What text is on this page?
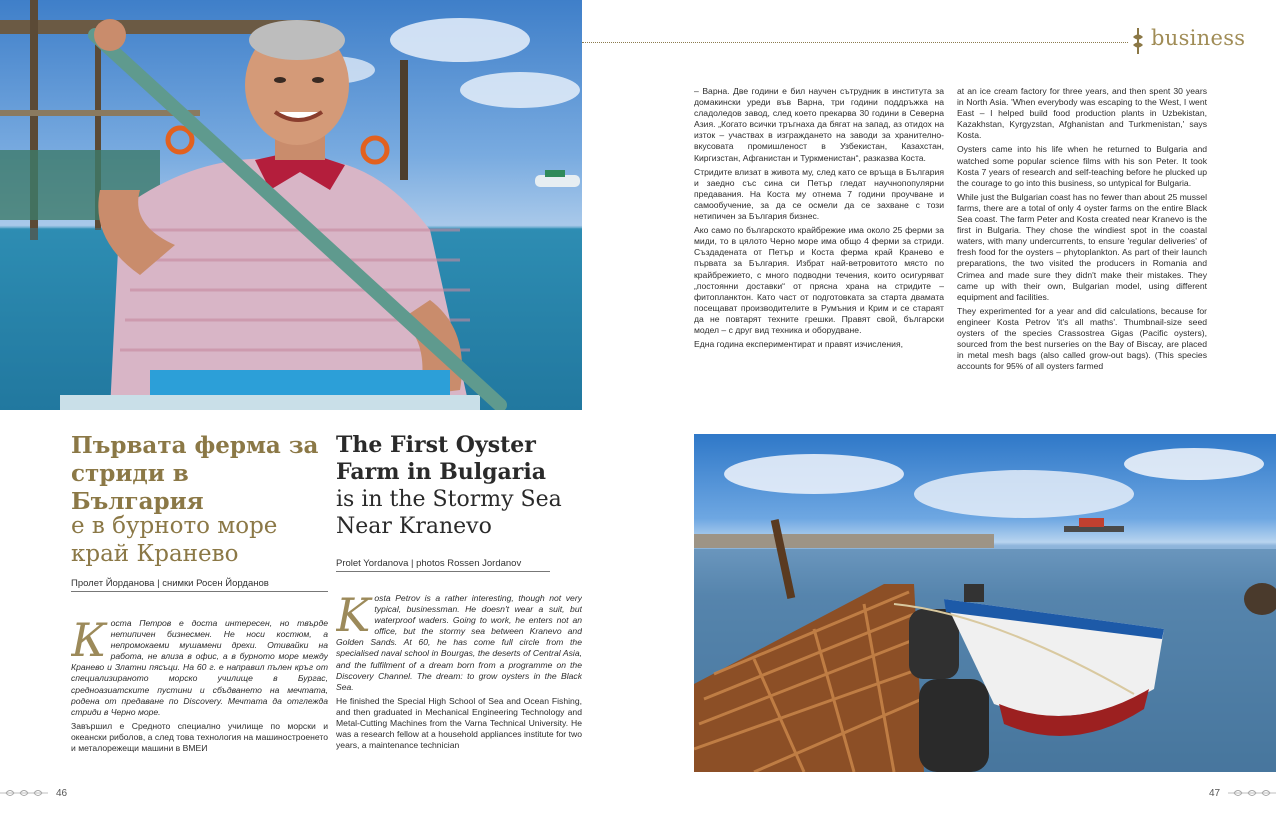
business
Първата ферма за стриди в България
е в бурното море край Кранево
The First Oyster Farm in Bulgaria
is in the Stormy Sea Near Kranevo
Пролет Йорданова | снимки Росен Йорданов
Prolet Yordanova | photos Rossen Jordanov

Коста Петров е доста интересен, но твърде нетипичен бизнесмен. Не носи костюм, а непромокаеми мушамени дрехи. Отивайки на работа, не влиза в офис, а в бурното море между Кранево и Златни пясъци. На 60 г. е направил пълен кръг от специализираното морско училище в Бургас, средноазиатските пустини и сбъдването на мечтата, родена от предаване по Discovery. Мечтата да отглежда стриди в Черно море.

Завършил е Средното специално училище по морски и океански риболов, а след това технология на машиностроенето и металорежещи машини в ВМЕИ

Kosta Petrov is a rather interesting, though not very typical, businessman. He doesn't wear a suit, but waterproof waders. Going to work, he enters not an office, but the stormy sea between Kranevo and Golden Sands. At 60, he has come full circle from the specialised naval school in Bourgas, the deserts of Central Asia, and the fulfilment of a dream born from a programme on the Discovery Channel. The dream: to grow oysters in the Black Sea.

He finished the Special High School of Sea and Ocean Fishing, and then graduated in Mechanical Engineering Technology and Metal-Cutting Machines from the Varna Technical University. He was a research fellow at a household appliances institute for two years, a maintenance technician

– Варна. Две години е бил научен сътрудник в института за домакински уреди във Варна, три години поддръжка на сладоледов завод, след което прекарва 30 години в Северна Азия. „Когато всички тръгнаха да бягат на запад, аз отидох на изток – участвах в изграждането на заводи за хранително-вкусовата промишленост в Узбекистан, Казахстан, Киргизстан, Афганистан и Туркменистан“, разказва Коста.

Стридите влизат в живота му, след като се връща в България и заедно със сина си Петър гледат научнопопулярни предавания. На Коста му отнема 7 години проучване и самообучение, за да се осмели да се захване с този нетипичен за България бизнес.

Ако само по българското крайбрежие има около 25 ферми за миди, то в цялото Черно море има общо 4 ферми за стриди. Създадената от Петър и Коста ферма край Кранево е първата за България. Избрат най-ветровитото място по крайбрежието, с много подводни течения, които осигуряват „постоянни доставки“ от прясна храна на стридите – фитопланктон. Като част от подготовката за старта двамата посещават производителите в Румъния и Крим и се стараят да не повтарят техните грешки. Правят свой, български модел – с друг вид техника и оборудване.

Една година експериментират и правят изчисления,

at an ice cream factory for three years, and then spent 30 years in North Asia. 'When everybody was escaping to the West, I went East – I helped build food production plants in Uzbekistan, Kazakhstan, Kyrgyzstan, Afghanistan and Turkmenistan,' says Kosta.

Oysters came into his life when he returned to Bulgaria and watched some popular science films with his son Peter. It took Kosta 7 years of research and self-teaching before he plucked up the courage to go into this business, so untypical for Bulgaria.

While just the Bulgarian coast has no fewer than about 25 mussel farms, there are a total of only 4 oyster farms on the entire Black Sea coast. The farm Peter and Kosta created near Kranevo is the first in Bulgaria. They chose the windiest spot in the coastal waters, with many undercurrents, to ensure 'regular deliveries' of fresh food for the oysters – phytoplankton. As part of their launch preparations, the two visited the producers in Romania and Crimea and made sure they didn't make their mistakes. They came up with their own, Bulgarian model, using different equipment and facilities.

They experimented for a year and did calculations, because for engineer Kosta Petrov 'it's all maths'. Thumbnail-size seed oysters of the species Crassostrea Gigas (Pacific oysters), sourced from the best nurseries on the Bay of Biscay, are placed in metal mesh bags (also called grow-out bags). (This species accounts for 95% of all oysters farmed

46	47
